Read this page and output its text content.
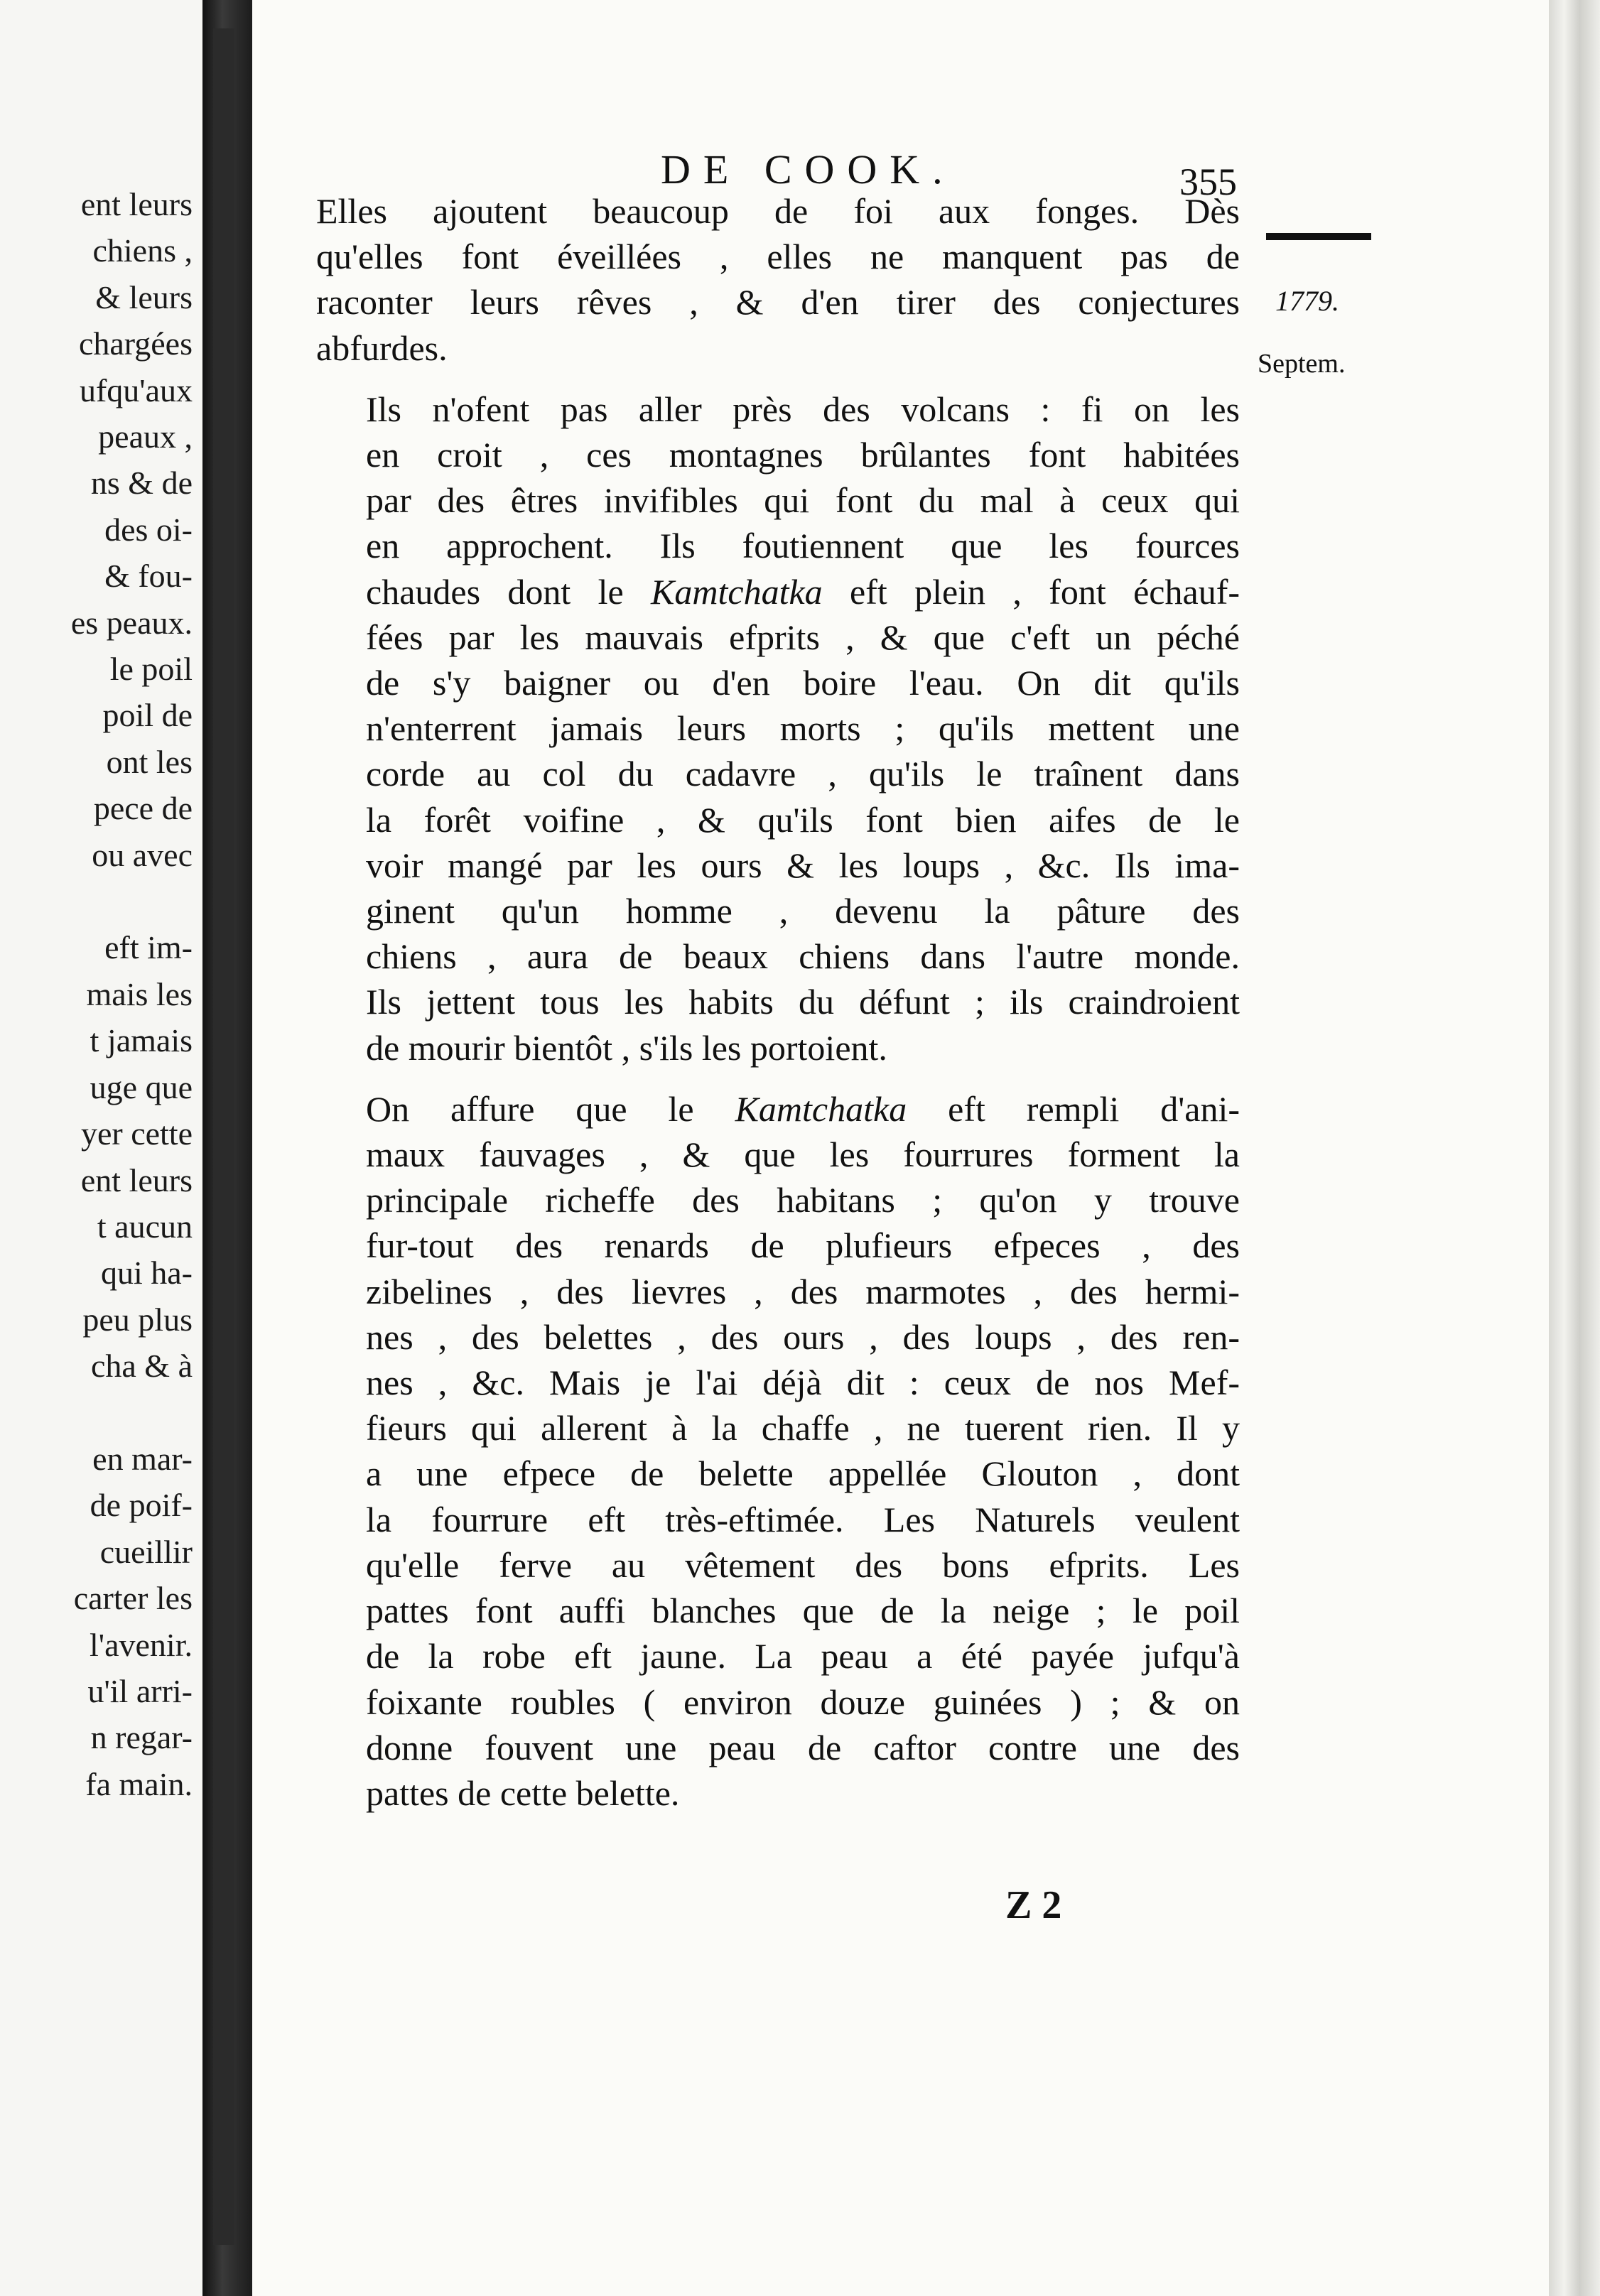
ent leurs
chiens ,
& leurs
chargées
ufqu'aux
peaux ,
ns & de
des oi-
& fou-
es peaux.
le poil
poil de
ont les
pece de
ou avec
eft im-
mais les
t jamais
uge que
yer cette
ent leurs
t aucun
qui ha-
peu plus
cha & à
en mar-
de poif-
cueillir
carter les
l'avenir.
u'il arri-
n regar-
fa main.
DE COOK.	355
1779.
Septem.

Elles ajoutent beaucoup de foi aux fonges. Dès
qu'elles font éveillées , elles ne manquent pas de
raconter leurs rêves , & d'en tirer des conjectures
abfurdes.

Ils n'ofent pas aller près des volcans : fi on les
en croit , ces montagnes brûlantes font habitées
par des êtres invifibles qui font du mal à ceux qui
en approchent. Ils foutiennent que les fources
chaudes dont le Kamtchatka eft plein , font échauf-
fées par les mauvais efprits , & que c'eft un péché
de s'y baigner ou d'en boire l'eau. On dit qu'ils
n'enterrent jamais leurs morts ; qu'ils mettent une
corde au col du cadavre , qu'ils le traînent dans
la forêt voifine , & qu'ils font bien aifes de le
voir mangé par les ours & les loups , &c. Ils ima-
ginent qu'un homme , devenu la pâture des
chiens , aura de beaux chiens dans l'autre monde.
Ils jettent tous les habits du défunt ; ils craindroient
de mourir bientôt , s'ils les portoient.

On affure que le Kamtchatka eft rempli d'ani-
maux fauvages , & que les fourrures forment la
principale richeffe des habitans ; qu'on y trouve
fur-tout des renards de plufieurs efpeces , des
zibelines , des lievres , des marmotes , des hermi-
nes , des belettes , des ours , des loups , des ren-
nes , &c. Mais je l'ai déjà dit : ceux de nos Mef-
fieurs qui allerent à la chaffe , ne tuerent rien. Il y
a une efpece de belette appellée Glouton , dont
la fourrure eft très-eftimée. Les Naturels veulent
qu'elle ferve au vêtement des bons efprits. Les
pattes font auffi blanches que de la neige ; le poil
de la robe eft jaune. La peau a été payée jufqu'à
foixante roubles ( environ douze guinées ) ; & on
donne fouvent une peau de caftor contre une des
pattes de cette belette.

Z 2
